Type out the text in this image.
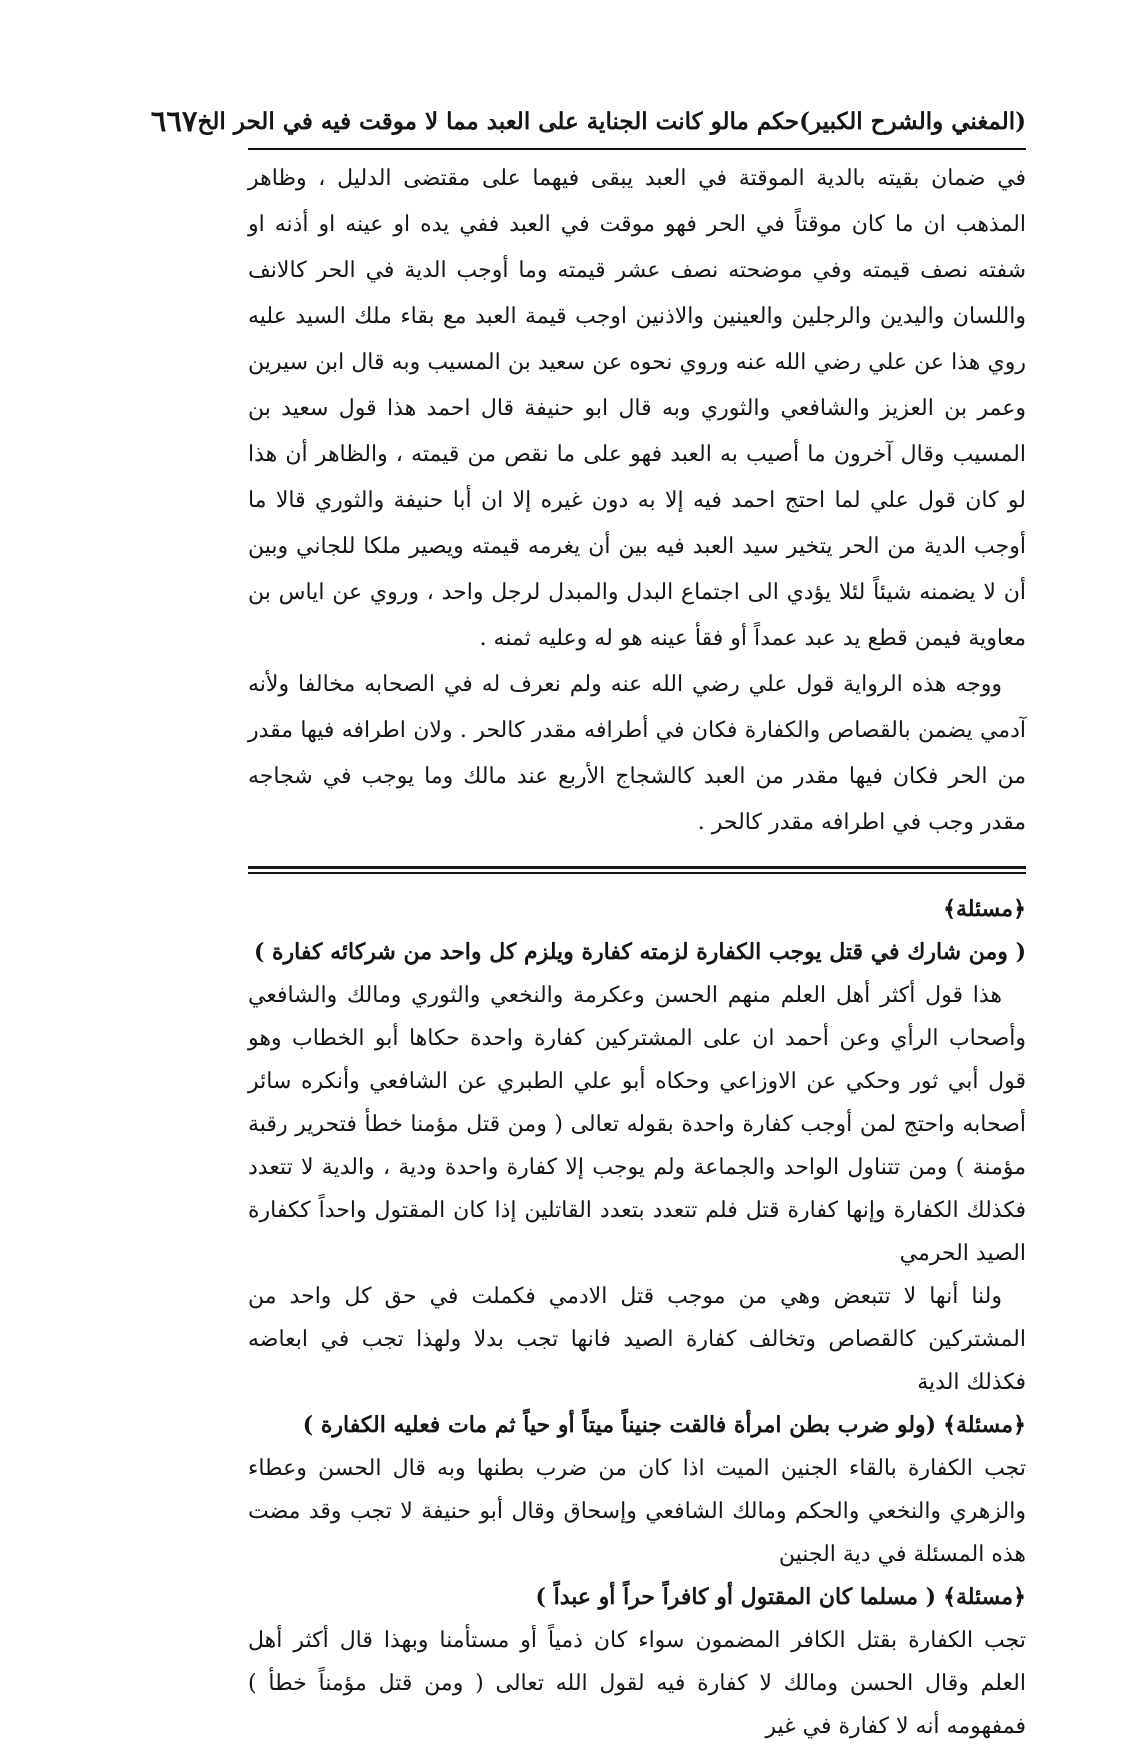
(المغني والشرح الكبير)
حكم مالو كانت الجناية على العبد مما لا موقت فيه في الحر الخ
٦٦٧

في ضمان بقيته بالدية الموقتة في العبد يبقى فيهما على مقتضى الدليل ، وظاهر المذهب ان ما كان موقتاً في الحر فهو موقت في العبد ففي يده او عينه او أذنه او شفته نصف قيمته وفي موضحته نصف عشر قيمته وما أوجب الدية في الحر كالانف واللسان واليدين والرجلين والعينين والاذنين اوجب قيمة العبد مع بقاء ملك السيد عليه روي هذا عن علي رضي الله عنه وروي نحوه عن سعيد بن المسيب وبه قال ابن سيرين وعمر بن العزيز والشافعي والثوري وبه قال ابو حنيفة قال احمد هذا قول سعيد بن المسيب وقال آخرون ما أصيب به العبد فهو على ما نقص من قيمته ، والظاهر أن هذا لو كان قول علي لما احتج احمد فيه إلا به دون غيره إلا ان أبا حنيفة والثوري قالا ما أوجب الدية من الحر يتخير سيد العبد فيه بين أن يغرمه قيمته ويصير ملكا للجاني وبين أن لا يضمنه شيئاً لئلا يؤدي الى اجتماع البدل والمبدل لرجل واحد ، وروي عن اياس بن معاوية فيمن قطع يد عبد عمداً أو فقأ عينه هو له وعليه ثمنه .

ووجه هذه الرواية قول علي رضي الله عنه ولم نعرف له في الصحابه مخالفا ولأنه آدمي يضمن بالقصاص والكفارة فكان في أطرافه مقدر كالحر . ولان اطرافه فيها مقدر من الحر فكان فيها مقدر من العبد كالشجاج الأربع عند مالك وما يوجب في شجاجه مقدر وجب في اطرافه مقدر كالحر .

﴿مسئلة﴾ ( ومن شارك في قتل يوجب الكفارة لزمته كفارة ويلزم كل واحد من شركائه كفارة )

هذا قول أكثر أهل العلم منهم الحسن وعكرمة والنخعي والثوري ومالك والشافعي وأصحاب الرأي وعن أحمد ان على المشتركين كفارة واحدة حكاها أبو الخطاب وهو قول أبي ثور وحكي عن الاوزاعي وحكاه أبو علي الطبري عن الشافعي وأنكره سائر أصحابه واحتج لمن أوجب كفارة واحدة بقوله تعالى ( ومن قتل مؤمنا خطأ فتحرير رقبة مؤمنة ) ومن تتناول الواحد والجماعة ولم يوجب إلا كفارة واحدة ودية ، والدية لا تتعدد فكذلك الكفارة وإنها كفارة قتل فلم تتعدد بتعدد القاتلين إذا كان المقتول واحداً ككفارة الصيد الحرمي

ولنا أنها لا تتبعض وهي من موجب قتل الادمي فكملت في حق كل واحد من المشتركين كالقصاص وتخالف كفارة الصيد فانها تجب بدلا ولهذا تجب في ابعاضه فكذلك الدية

﴿مسئلة﴾ (ولو ضرب بطن امرأة فالقت جنيناً ميتاً أو حياً ثم مات فعليه الكفارة )

تجب الكفارة بالقاء الجنين الميت اذا كان من ضرب بطنها وبه قال الحسن وعطاء والزهري والنخعي والحكم ومالك الشافعي وإسحاق وقال أبو حنيفة لا تجب وقد مضت هذه المسئلة في دية الجنين

﴿مسئلة﴾ ( مسلما كان المقتول أو كافراً حراً أو عبداً )

تجب الكفارة بقتل الكافر المضمون سواء كان ذمياً أو مستأمنا وبهذا قال أكثر أهل العلم وقال الحسن ومالك لا كفارة فيه لقول الله تعالى ( ومن قتل مؤمناً خطأ ) فمفهومه أنه لا كفارة في غير
